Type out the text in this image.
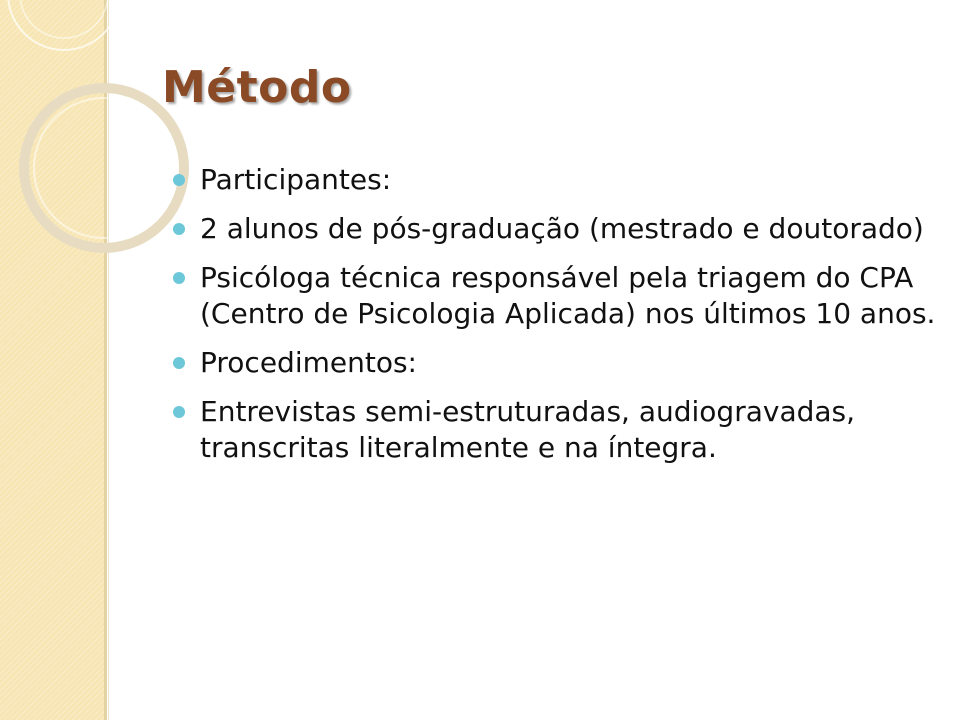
Método
Participantes:
2 alunos de pós-graduação (mestrado e doutorado)
Psicóloga técnica responsável pela triagem do CPA (Centro de Psicologia Aplicada) nos últimos 10 anos.
Procedimentos:
Entrevistas semi-estruturadas, audiogravadas, transcritas literalmente e na íntegra.
